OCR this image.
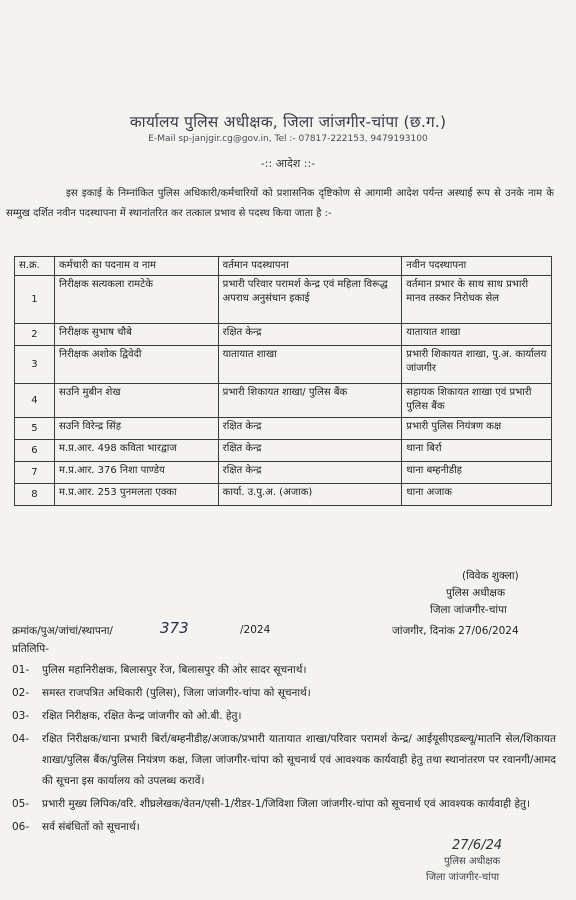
कार्यालय पुलिस अधीक्षक, जिला जांजगीर-चांपा (छ.ग.)
E-Mail sp-janjgir.cg@gov.in, Tel :- 07817-222153, 9479193100
-:: आदेश ::-
इस इकाई के निम्नांकित पुलिस अधिकारी/कर्मचारियों को प्रशासनिक दृष्टिकोण से आगामी आदेश पर्यन्त अस्थाई रूप से उनके नाम के सम्मुख दर्शित नवीन पदस्थापना में स्थानांतरित कर तत्काल प्रभाव से पदस्थ किया जाता है :-
स.क्र.	कर्मचारी का पदनाम व नाम	वर्तमान पदस्थापना	नवीन पदस्थापना
1	निरीक्षक सत्यकला रामटेके	प्रभारी परिवार परामर्श केन्द्र एवं महिला विरूद्ध अपराध अनुसंधान इकाई	वर्तमान प्रभार के साथ साथ प्रभारी मानव तस्कर निरोधक सेल
2	निरीक्षक सुभाष चौबे	रक्षित केन्द्र	यातायात शाखा
3	निरीक्षक अशोक द्विवेदी	यातायात शाखा	प्रभारी शिकायत शाखा, पु.अ. कार्यालय जांजगीर
4	सउनि मुबीन शेख	प्रभारी शिकायत शाखा/ पुलिस बैंक	सहायक शिकायत शाखा एवं प्रभारी पुलिस बैंक
5	सउनि विरेन्द्र सिंह	रक्षित केन्द्र	प्रभारी पुलिस नियंत्रण कक्ष
6	म.प्र.आर. 498 कविता भारद्वाज	रक्षित केन्द्र	थाना बिर्रा
7	म.प्र.आर. 376 निशा पाण्डेय	रक्षित केन्द्र	थाना बम्हनीडीह
8	म.प्र.आर. 253 पुनमलता एक्का	कार्या. उ.पु.अ. (अजाक)	थाना अजाक
(विवेक शुक्ला)
पुलिस अधीक्षक
जिला जांजगीर-चांपा
क्रमांक/पुअ/जांचां/स्थापना/	373	/2024	जांजगीर, दिनांक 27/06/2024
प्रतिलिपि-
01-	पुलिस महानिरीक्षक, बिलासपुर रेंज, बिलासपुर की ओर सादर सूचनार्थ।
02-	समस्त राजपत्रित अधिकारी (पुलिस), जिला जांजगीर-चांपा को सूचनार्थ।
03-	रक्षित निरीक्षक, रक्षित केन्द्र जांजगीर को ओ.बी. हेतु।
04-	रक्षित निरीक्षक/थाना प्रभारी बिर्रा/बम्हनीडीह/अजाक/प्रभारी यातायात शाखा/परिवार परामर्श केन्द्र/ आईयूसीएडब्ल्यू/मातनि सेल/शिकायत शाखा/पुलिस बैंक/पुलिस नियंत्रण कक्ष, जिला जांजगीर-चांपा को सूचनार्थ एवं आवश्यक कार्यवाही हेतु तथा स्थानांतरण पर रवानगी/आमद की सूचना इस कार्यालय को उपलब्ध करावें।
05-	प्रभारी मुख्य लिपिक/वरि. शीघ्रलेखक/वेतन/एसी-1/रीडर-1/जिविशा जिला जांजगीर-चांपा को सूचनार्थ एवं आवश्यक कार्यवाही हेतु।
06-	सर्व संबंधितों को सूचनार्थ।
27/6/24
पुलिस अधीक्षक
जिला जांजगीर-चांपा
